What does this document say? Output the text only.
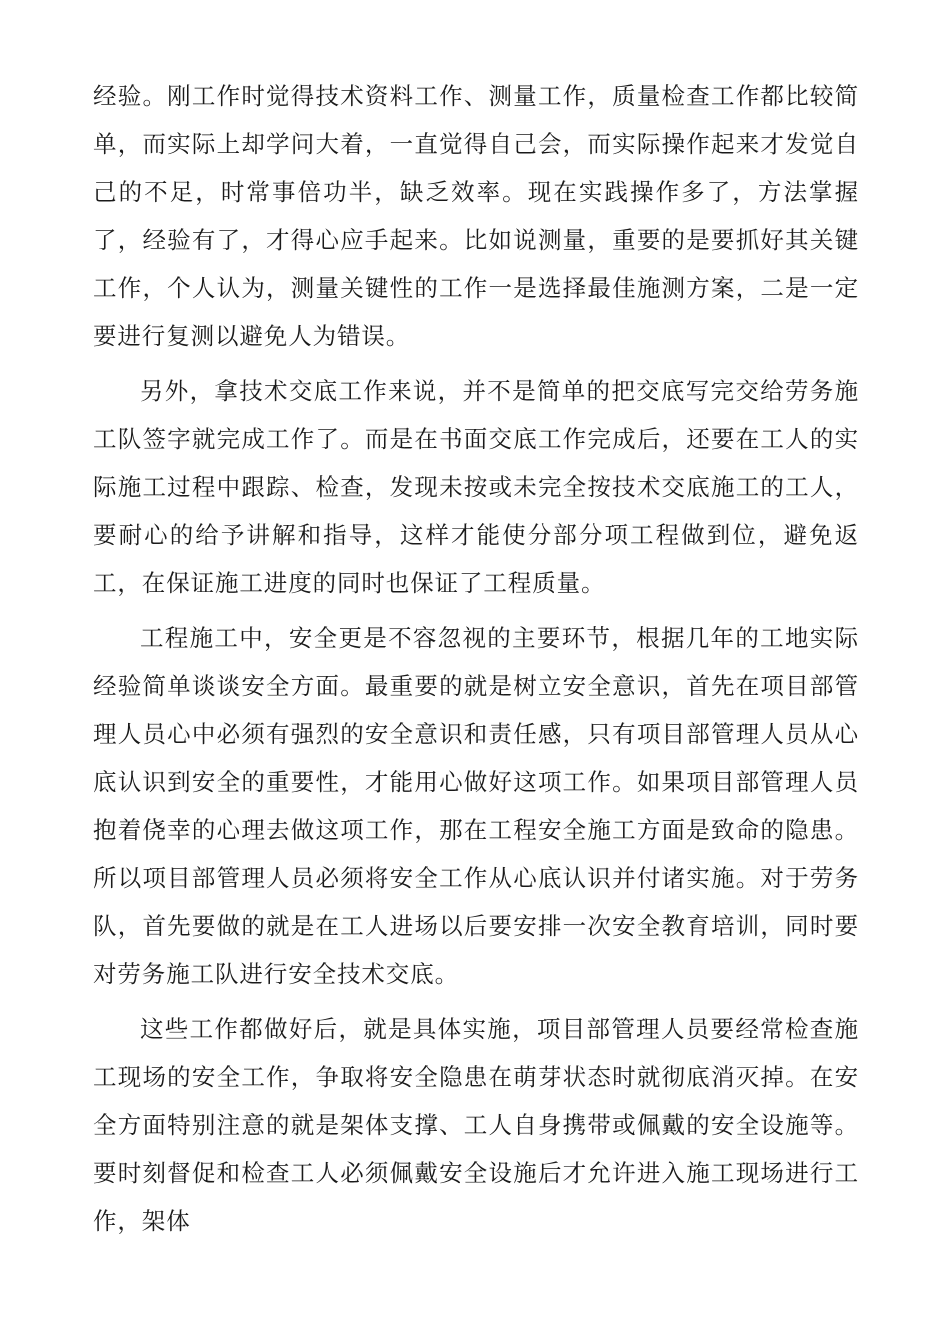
经验。刚工作时觉得技术资料工作、测量工作，质量检查工作都比较简单，而实际上却学问大着，一直觉得自己会，而实际操作起来才发觉自己的不足，时常事倍功半，缺乏效率。现在实践操作多了，方法掌握了，经验有了，才得心应手起来。比如说测量，重要的是要抓好其关键工作，个人认为，测量关键性的工作一是选择最佳施测方案，二是一定要进行复测以避免人为错误。

另外，拿技术交底工作来说，并不是简单的把交底写完交给劳务施工队签字就完成工作了。而是在书面交底工作完成后，还要在工人的实际施工过程中跟踪、检查，发现未按或未完全按技术交底施工的工人，要耐心的给予讲解和指导，这样才能使分部分项工程做到位，避免返工，在保证施工进度的同时也保证了工程质量。

工程施工中，安全更是不容忽视的主要环节，根据几年的工地实际经验简单谈谈安全方面。最重要的就是树立安全意识，首先在项目部管理人员心中必须有强烈的安全意识和责任感，只有项目部管理人员从心底认识到安全的重要性，才能用心做好这项工作。如果项目部管理人员抱着侥幸的心理去做这项工作，那在工程安全施工方面是致命的隐患。所以项目部管理人员必须将安全工作从心底认识并付诸实施。对于劳务队，首先要做的就是在工人进场以后要安排一次安全教育培训，同时要对劳务施工队进行安全技术交底。

这些工作都做好后，就是具体实施，项目部管理人员要经常检查施工现场的安全工作，争取将安全隐患在萌芽状态时就彻底消灭掉。在安全方面特别注意的就是架体支撑、工人自身携带或佩戴的安全设施等。要时刻督促和检查工人必须佩戴安全设施后才允许进入施工现场进行工作，架体
